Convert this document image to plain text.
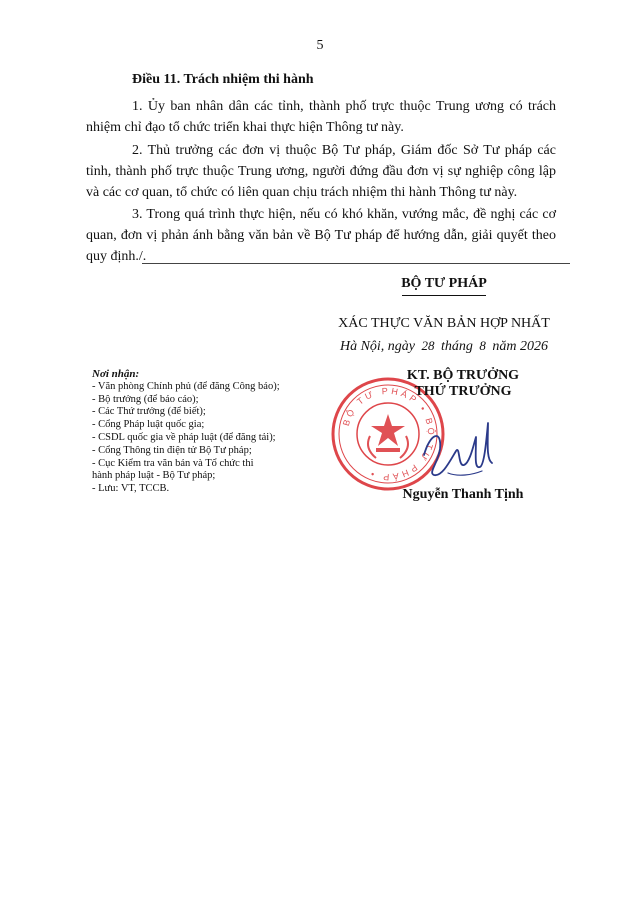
5
Điều 11. Trách nhiệm thi hành
1. Ủy ban nhân dân các tỉnh, thành phố trực thuộc Trung ương có trách nhiệm chỉ đạo tổ chức triển khai thực hiện Thông tư này.
2. Thủ trưởng các đơn vị thuộc Bộ Tư pháp, Giám đốc Sở Tư pháp các tỉnh, thành phố trực thuộc Trung ương, người đứng đầu đơn vị sự nghiệp công lập và các cơ quan, tổ chức có liên quan chịu trách nhiệm thi hành Thông tư này.
3. Trong quá trình thực hiện, nếu có khó khăn, vướng mắc, đề nghị các cơ quan, đơn vị phản ánh bằng văn bản về Bộ Tư pháp để hướng dẫn, giải quyết theo quy định./.
BỘ TƯ PHÁP
XÁC THỰC VĂN BẢN HỢP NHẤT
Hà Nội, ngày 28 tháng 8 năm 2026
Nơi nhận:
- Văn phòng Chính phủ (để đăng Công báo);
- Bộ trưởng (để báo cáo);
- Các Thứ trưởng (để biết);
- Cổng Pháp luật quốc gia;
- CSDL quốc gia về pháp luật (để đăng tải);
- Cổng Thông tin điện tử Bộ Tư pháp;
- Cục Kiểm tra văn bản và Tổ chức thi
hành pháp luật - Bộ Tư pháp;
- Lưu: VT, TCCB.
BỘ TƯ PHÁP • BỘ TƯ PHÁP •
KT. BỘ TRƯỞNG
THỨ TRƯỞNG
Nguyễn Thanh Tịnh
